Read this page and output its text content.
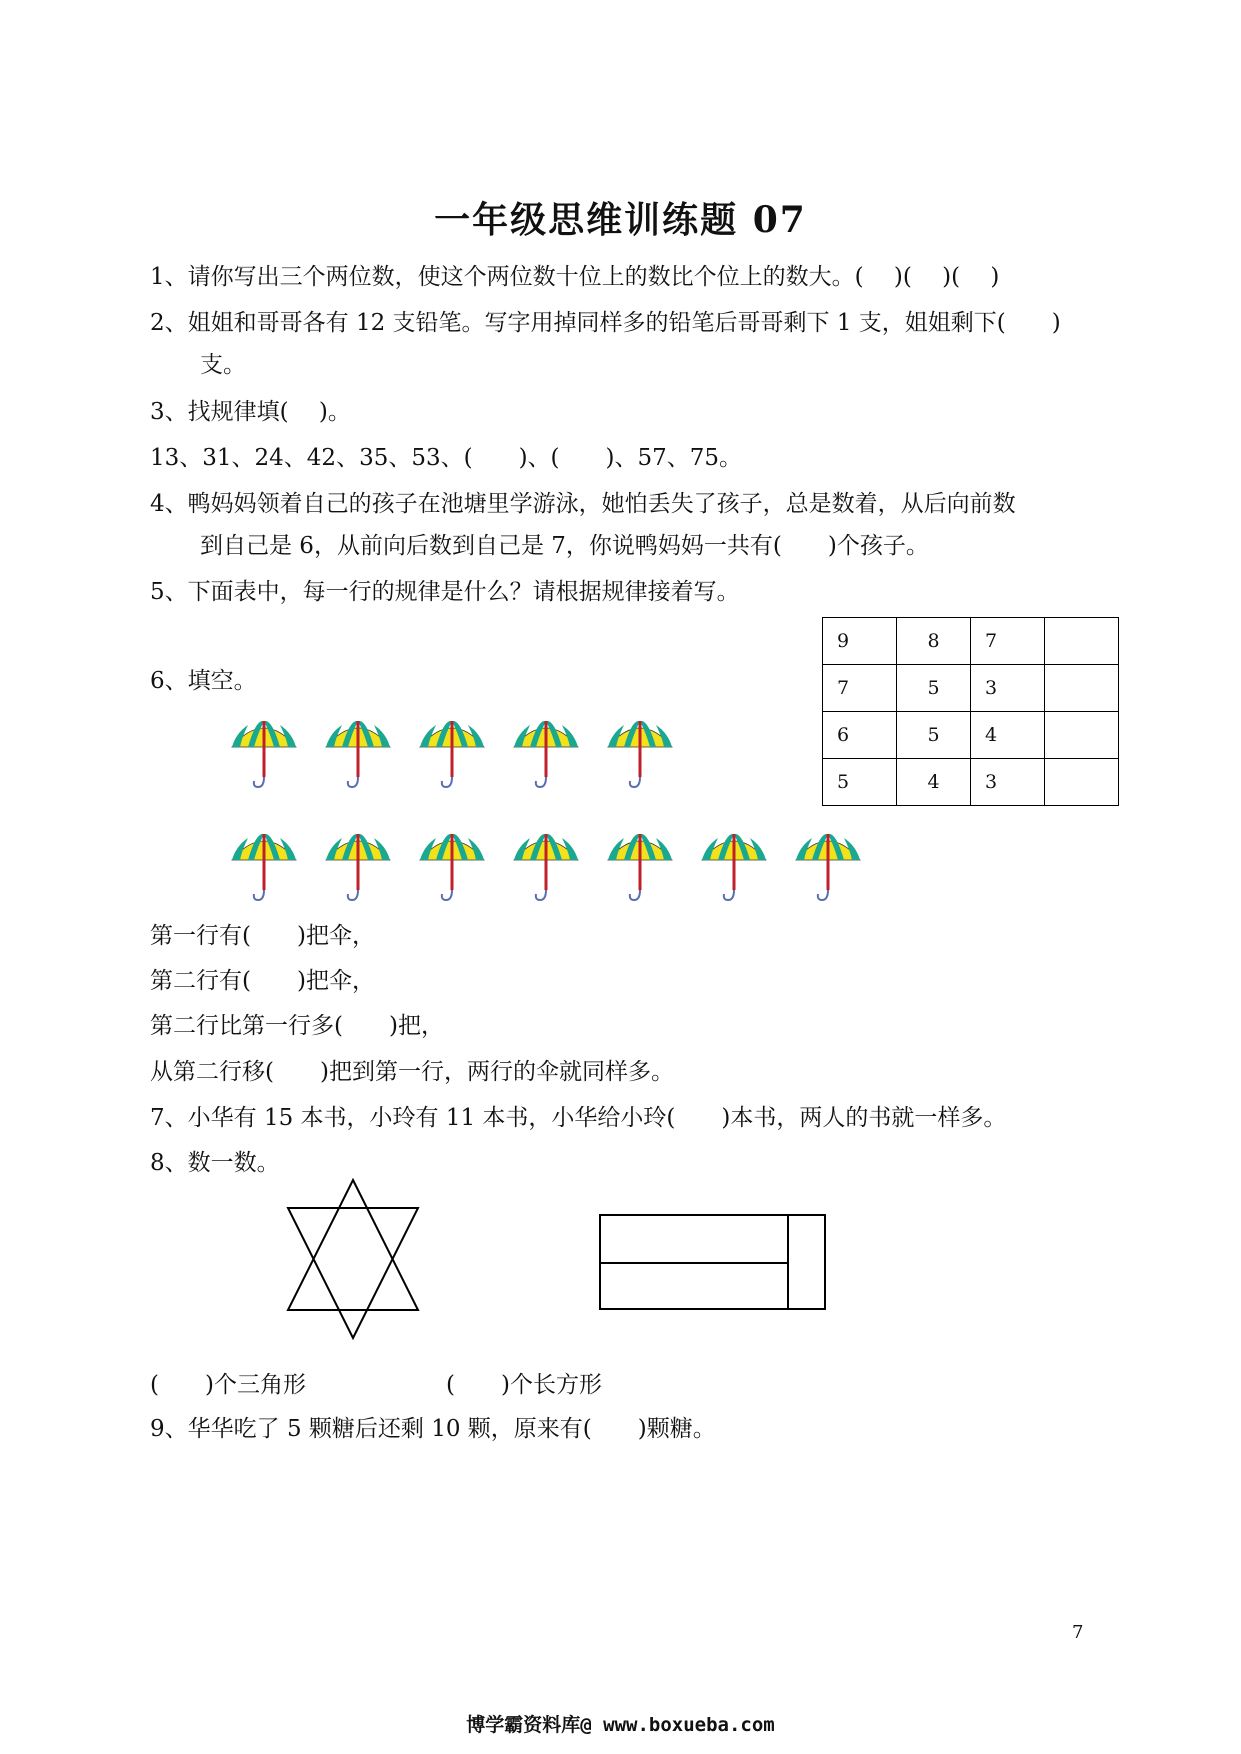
一年级思维训练题 07
1、请你写出三个两位数，使这个两位数十位上的数比个位上的数大。(　 )(　 )(　 )
2、姐姐和哥哥各有 12 支铅笔。写字用掉同样多的铅笔后哥哥剩下 1 支，姐姐剩下(　　)
支。
3、找规律填(　 )。
13、31、24、42、35、53、(　　)、(　　)、57、75。
4、鸭妈妈领着自己的孩子在池塘里学游泳，她怕丢失了孩子，总是数着，从后向前数
到自己是 6，从前向后数到自己是 7，你说鸭妈妈一共有(　　)个孩子。
5、下面表中，每一行的规律是什么？请根据规律接着写。
9	8	7	
7	5	3	
6	5	4	
5	4	3	
6、填空。
第一行有(　　)把伞，
第二行有(　　)把伞，
第二行比第一行多(　　)把，
从第二行移(　　)把到第一行，两行的伞就同样多。
7、小华有 15 本书，小玲有 11 本书，小华给小玲(　　)本书，两人的书就一样多。
8、数一数。
(　　)个三角形	(　　)个长方形
9、华华吃了 5 颗糖后还剩 10 颗，原来有(　　)颗糖。
7
博学霸资料库@ www.boxueba.com
